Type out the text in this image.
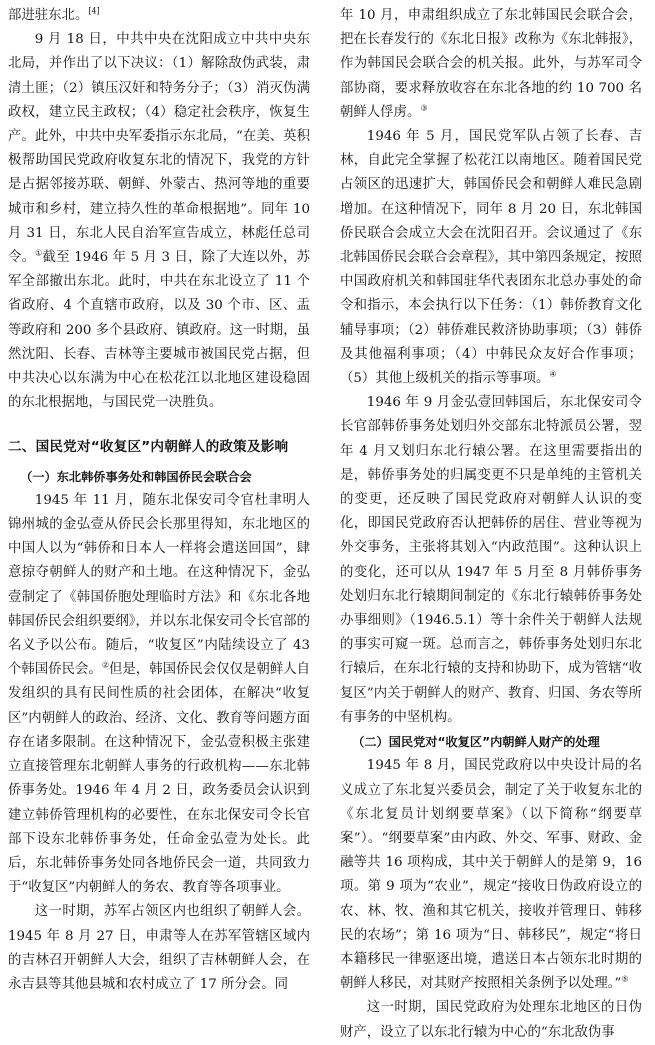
部进驻东北。[4]

9 月 18 日，中共中央在沈阳成立中共中央东北局，并作出了以下决议：（1）解除敌伪武装，肃清土匪；（2）镇压汉奸和特务分子；（3）消灭伪满政权，建立民主政权；（4）稳定社会秩序，恢复生产。此外，中共中央军委指示东北局，“在美、英积极帮助国民党政府收复东北的情况下，我党的方针是占据邻接苏联、朝鲜、外蒙古、热河等地的重要城市和乡村，建立持久性的革命根据地”。同年 10 月 31 日，东北人民自治军宣告成立，林彪任总司令。①截至 1946 年 5 月 3 日，除了大连以外，苏军全部撤出东北。此时，中共在东北设立了 11 个省政府、4 个直辖市政府，以及 30 个市、区、盂等政府和 200 多个县政府、镇政府。这一时期，虽然沈阳、长春、吉林等主要城市被国民党占据，但中共决心以东满为中心在松花江以北地区建设稳固的东北根据地，与国民党一决胜负。

二、国民党对“收复区”内朝鲜人的政策及影响

（一）东北韩侨事务处和韩国侨民会联合会

1945 年 11 月，随东北保安司令官杜聿明人锦州城的金弘壹从侨民会长那里得知，东北地区的中国人以为“韩侨和日本人一样将会遣送回国”，肆意掠夺朝鲜人的财产和土地。在这种情况下，金弘壹制定了《韩国侨胞处理临时方法》和《东北各地韩国侨民会组织要纲》，并以东北保安司令长官部的名义予以公布。随后，“收复区”内陆续设立了 43 个韩国侨民会。②但是，韩国侨民会仅仅是朝鲜人自发组织的具有民间性质的社会团体，在解决“收复区”内朝鲜人的政治、经济、文化、教育等问题方面存在诸多限制。在这种情况下，金弘壹积极主张建立直接管理东北朝鲜人事务的行政机构——东北韩侨事务处。1946 年 4 月 2 日，政务委员会认识到建立韩侨管理机构的必要性，在东北保安司令长官部下设东北韩侨事务处，任命金弘壹为处长。此后，东北韩侨事务处同各地侨民会一道，共同致力于“收复区”内朝鲜人的务农、教育等各项事业。

这一时期，苏军占领区内也组织了朝鲜人会。1945 年 8 月 27 日，申肃等人在苏军管辖区域内的吉林召开朝鲜人大会，组织了吉林朝鲜人会，在永吉县等其他县城和农村成立了 17 所分会。同

年 10 月，申肃组织成立了东北韩国民会联合会，把在长春发行的《东北日报》改称为《东北韩报》，作为韩国民会联合会的机关报。此外，与苏军司令部协商，要求释放收容在东北各地的约 10 700 名朝鲜人俘虏。③

1946 年 5 月，国民党军队占领了长春、吉林，自此完全掌握了松花江以南地区。随着国民党占领区的迅速扩大，韩国侨民会和朝鲜人难民急剧增加。在这种情况下，同年 8 月 20 日，东北韩国侨民联合会成立大会在沈阳召开。会议通过了《东北韩国侨民会联合会章程》，其中第四条规定，按照中国政府机关和韩国驻华代表团东北总办事处的命令和指示，本会执行以下任务：（1）韩侨教育文化辅导事项；（2）韩侨难民救济协助事项；（3）韩侨及其他福利事项；（4）中韩民众友好合作事项；（5）其他上级机关的指示等事项。④

1946 年 9 月金弘壹回韩国后，东北保安司令长官部韩侨事务处划归外交部东北特派员公署，翌年 4 月又划归东北行辕公署。在这里需要指出的是，韩侨事务处的归属变更不只是单纯的主管机关的变更，还反映了国民党政府对朝鲜人认识的变化，即国民党政府否认把韩侨的居住、营业等视为外交事务，主张将其划入“内政范围”。这种认识上的变化，还可以从 1947 年 5 月至 8 月韩侨事务处划归东北行辕期间制定的《东北行辕韩侨事务处办事细则》（1946.5.1）等十余件关于朝鲜人法规的事实可窥一斑。总而言之，韩侨事务处划归东北行辕后，在东北行辕的支持和协助下，成为管辖“收复区”内关于朝鲜人的财产、教育、归国、务农等所有事务的中坚机构。

（二）国民党对“收复区”内朝鲜人财产的处理

1945 年 8 月，国民党政府以中央设计局的名义成立了东北复兴委员会，制定了关于收复东北的《东北复员计划纲要草案》（以下简称“纲要草案”）。“纲要草案”由内政、外交、军事、财政、金融等共 16 项构成，其中关于朝鲜人的是第 9，16 项。第 9 项为“农业”，规定“接收日伪政府设立的农、林、牧、渔和其它机关，接收并管理日、韩移民的农场”；第 16 项为“日、韩移民”，规定“将日本籍移民一律驱逐出境，遣送日本占领东北时期的朝鲜人移民，对其财产按照相关条例予以处理。”⑤

这一时期，国民党政府为处理东北地区的日伪财产，设立了以东北行辕为中心的“东北敌伪事
